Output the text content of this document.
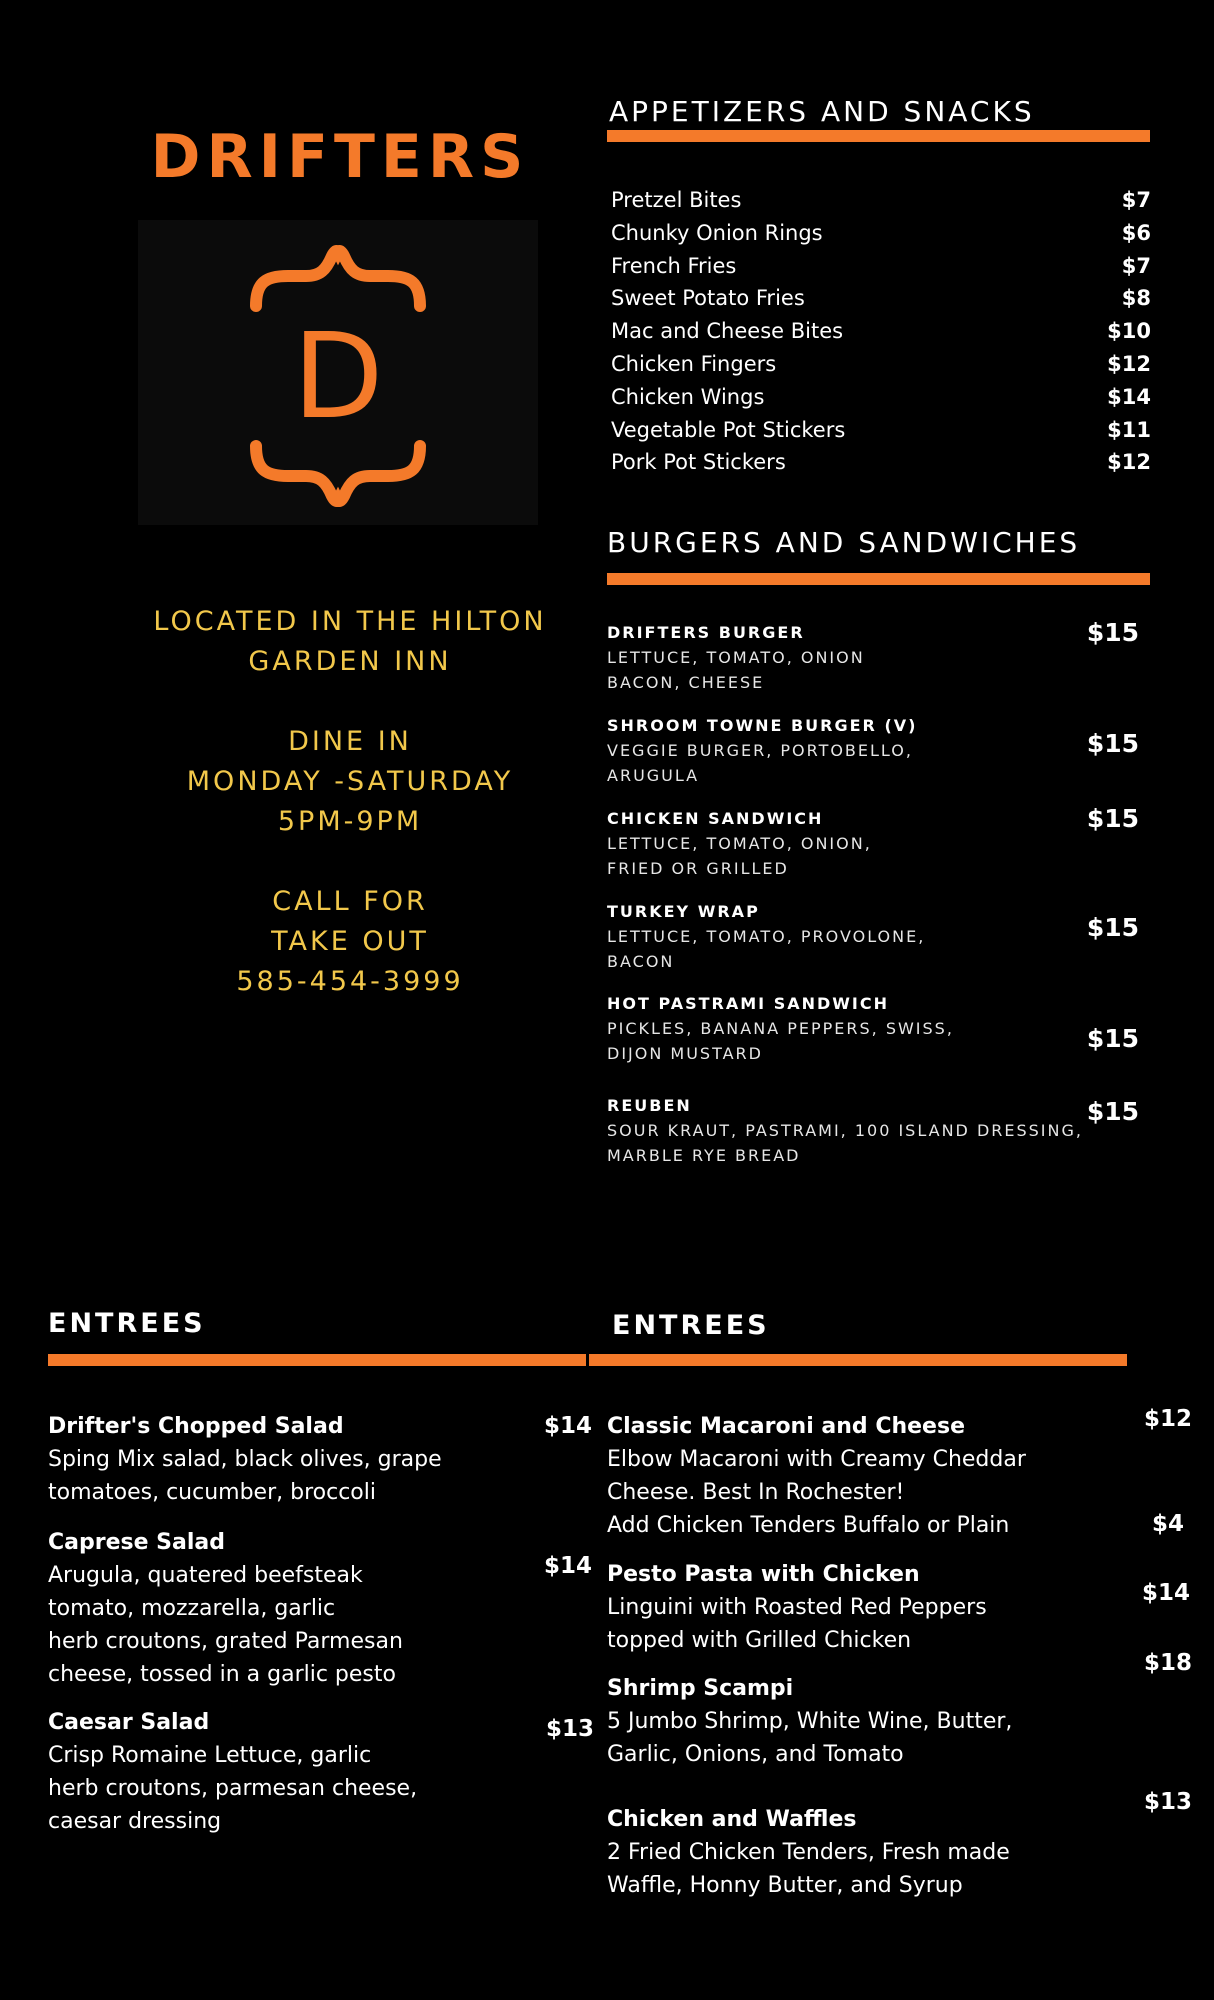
DRIFTERS
D
LOCATED IN THE HILTON
GARDEN INN
DINE IN
MONDAY -SATURDAY
5PM-9PM
CALL FOR
TAKE OUT
585-454-3999
APPETIZERS AND SNACKS
Pretzel Bites	$7
Chunky Onion Rings	$6
French Fries	$7
Sweet Potato Fries	$8
Mac and Cheese Bites	$10
Chicken Fingers	$12
Chicken Wings	$14
Vegetable Pot Stickers	$11
Pork Pot Stickers	$12
BURGERS AND SANDWICHES
DRIFTERS BURGER
LETTUCE, TOMATO, ONION
BACON, CHEESE
$15
SHROOM TOWNE BURGER (V)
VEGGIE BURGER, PORTOBELLO,
ARUGULA
$15
CHICKEN SANDWICH
LETTUCE, TOMATO, ONION,
FRIED OR GRILLED
$15
TURKEY WRAP
LETTUCE, TOMATO, PROVOLONE,
BACON
$15
HOT PASTRAMI SANDWICH
PICKLES, BANANA PEPPERS, SWISS,
DIJON MUSTARD
$15
REUBEN
SOUR KRAUT, PASTRAMI, 100 ISLAND DRESSING,
MARBLE RYE BREAD
$15
ENTREES
Drifter's Chopped Salad
Sping Mix salad, black olives, grape
tomatoes, cucumber, broccoli
$14
Caprese Salad
Arugula, quatered beefsteak
tomato, mozzarella, garlic
herb croutons, grated Parmesan
cheese, tossed in a garlic pesto
$14
Caesar Salad
Crisp Romaine Lettuce, garlic
herb croutons, parmesan cheese,
caesar dressing
$13
ENTREES
Classic Macaroni and Cheese
Elbow Macaroni with Creamy Cheddar
Cheese. Best In Rochester!
Add Chicken Tenders Buffalo or Plain
$12
$4
Pesto Pasta with Chicken
Linguini with Roasted Red Peppers
topped with Grilled Chicken
$14
Shrimp Scampi
5 Jumbo Shrimp, White Wine, Butter,
Garlic, Onions, and Tomato
$18
Chicken and Waffles
2 Fried Chicken Tenders, Fresh made
Waffle, Honny Butter, and Syrup
$13
